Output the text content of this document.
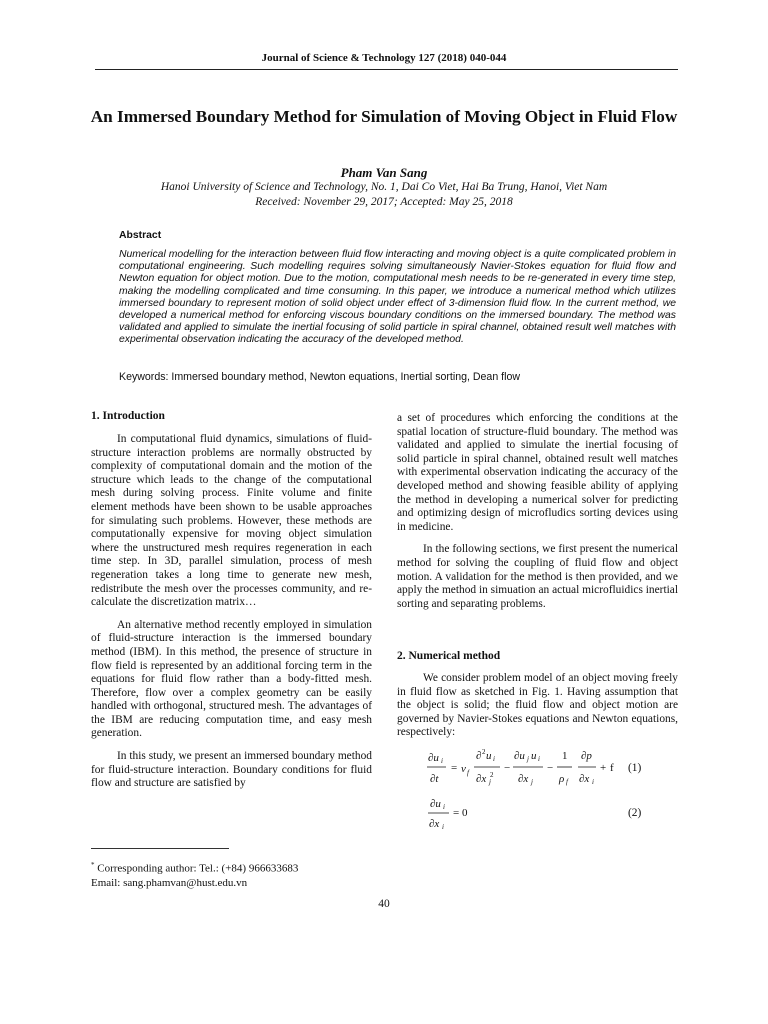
Journal of Science & Technology 127 (2018) 040-044
An Immersed Boundary Method for Simulation of Moving Object in Fluid Flow
Pham Van Sang
Hanoi University of Science and Technology, No. 1, Dai Co Viet, Hai Ba Trung, Hanoi, Viet Nam
Received: November 29, 2017; Accepted: May 25, 2018
Abstract
Numerical modelling for the interaction between fluid flow interacting and moving object is a quite complicated problem in computational engineering. Such modelling requires solving simultaneously Navier-Stokes equation for fluid flow and Newton equation for object motion. Due to the motion, computational mesh needs to be re-generated in every time step, making the modelling complicated and time consuming. In this paper, we introduce a numerical method which utilizes immersed boundary to represent motion of solid object under effect of 3-dimension fluid flow. In the current method, we developed a numerical method for enforcing viscous boundary conditions on the immersed boundary. The method was validated and applied to simulate the inertial focusing of solid particle in spiral channel, obtained result well matches with experimental observation indicating the accuracy of the developed method.
Keywords: Immersed boundary method, Newton equations, Inertial sorting, Dean flow
1. Introduction

In computational fluid dynamics, simulations of fluid-structure interaction problems are normally obstructed by complexity of computational domain and the motion of the structure which leads to the change of the computational mesh during solving process. Finite volume and finite element methods have been shown to be usable approaches for simulating such problems. However, these methods are computationally expensive for moving object simulation where the unstructured mesh requires regeneration in each time step. In 3D, parallel simulation, process of mesh regeneration takes a long time to generate new mesh, redistribute the mesh over the processes community, and re-calculate the discretization matrix…

An alternative method recently employed in simulation of fluid-structure interaction is the immersed boundary method (IBM). In this method, the presence of structure in flow field is represented by an additional forcing term in the equations for fluid flow rather than a body-fitted mesh. Therefore, flow over a complex geometry can be easily handled with orthogonal, structured mesh. The advantages of the IBM are reducing computation time, and easy mesh generation.

In this study, we present an immersed boundary method for fluid-structure interaction. Boundary conditions for fluid flow and structure are satisfied by

a set of procedures which enforcing the conditions at the spatial location of structure-fluid boundary. The method was validated and applied to simulate the inertial focusing of solid particle in spiral channel, obtained result well matches with experimental observation indicating the accuracy of the developed method and showing feasible ability of applying the method in developing a numerical solver for predicting and optimizing design of microfludics sorting devices using in medicine.

In the following sections, we first present the numerical method for solving the coupling of fluid flow and object motion. A validation for the method is then provided, and we apply the method in simuation an actual microfluidics inertial sorting and separating problems.

2. Numerical method

We consider problem model of an object moving freely in fluid flow as sketched in Fig. 1. Having assumption that the object is solid; the fluid flow and object motion are governed by Navier-Stokes equations and Newton equations, respectively:

∂u i
∂t
= ν f
∂ 2 u i
∂x j
2
−
∂u j u i
∂x j
−
1
ρ f
∂p
∂x i
+ f (1)
∂u i
∂x i
= 0	(2)
* Corresponding author: Tel.: (+84) 966633683
Email: sang.phamvan@hust.edu.vn
40
